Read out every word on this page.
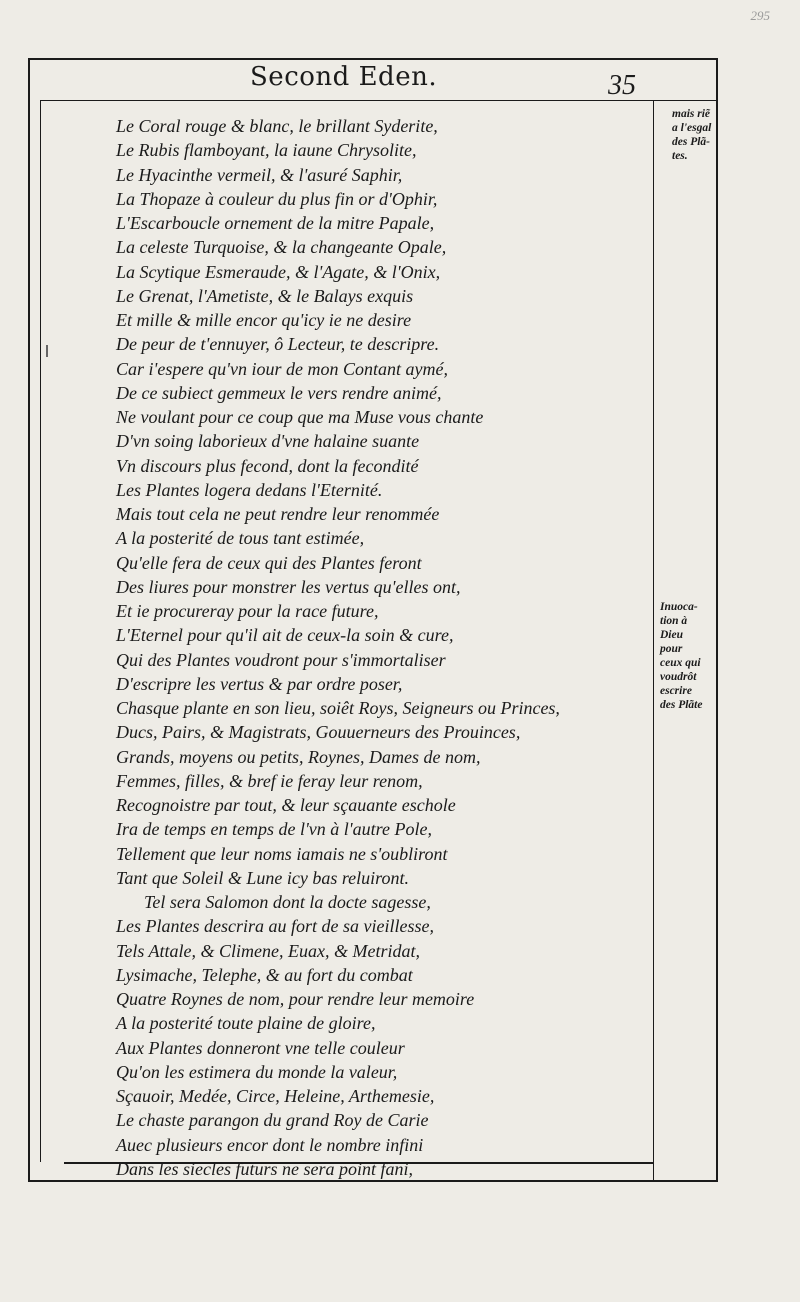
295
Second Eden.	35
Le Coral rouge & blanc, le brillant Syderite,
Le Rubis flamboyant, la iaune Chrysolite,
Le Hyacinthe vermeil, & l'asuré Saphir,
La Thopaze à couleur du plus fin or d'Ophir,
L'Escarboucle ornement de la mitre Papale,
La celeste Turquoise, & la changeante Opale,
La Scytique Esmeraude, & l'Agate, & l'Onix,
Le Grenat, l'Ametiste, & le Balays exquis
Et mille & mille encor qu'icy ie ne desire
De peur de t'ennuyer, ô Lecteur, te descripre.
Car i'espere qu'vn iour de mon Contant aymé,
De ce subiect gemmeux le vers rendre animé,
Ne voulant pour ce coup que ma Muse vous chante
D'vn soing laborieux d'vne halaine suante
Vn discours plus fecond, dont la fecondité
Les Plantes logera dedans l'Eternité.
Mais tout cela ne peut rendre leur renommée
A la posterité de tous tant estimée,
Qu'elle fera de ceux qui des Plantes feront
Des liures pour monstrer les vertus qu'elles ont,
Et ie procureray pour la race future,
L'Eternel pour qu'il ait de ceux-la soin & cure,
Qui des Plantes voudront pour s'immortaliser
D'escripre les vertus & par ordre poser,
Chasque plante en son lieu, soiêt Roys, Seigneurs ou Princes,
Ducs, Pairs, & Magistrats, Gouuerneurs des Prouinces,
Grands, moyens ou petits, Roynes, Dames de nom,
Femmes, filles, & bref ie feray leur renom,
Recognoistre par tout, & leur sçauante eschole
Ira de temps en temps de l'vn à l'autre Pole,
Tellement que leur noms iamais ne s'oubliront
Tant que Soleil & Lune icy bas reluiront.
Tel sera Salomon dont la docte sagesse,
Les Plantes descrira au fort de sa vieillesse,
Tels Attale, & Climene, Euax, & Metridat,
Lysimache, Telephe, & au fort du combat
Quatre Roynes de nom, pour rendre leur memoire
A la posterité toute plaine de gloire,
Aux Plantes donneront vne telle couleur
Qu'on les estimera du monde la valeur,
Sçauoir, Medée, Circe, Heleine, Arthemesie,
Le chaste parangon du grand Roy de Carie
Auec plusieurs encor dont le nombre infini
Dans les siecles futurs ne sera point fani,
mais riẽ
a l'esgal
des Plã-
tes.
Inuoca-
tion à
Dieu
pour
ceux qui
voudrôt
escrire
des Plãte
